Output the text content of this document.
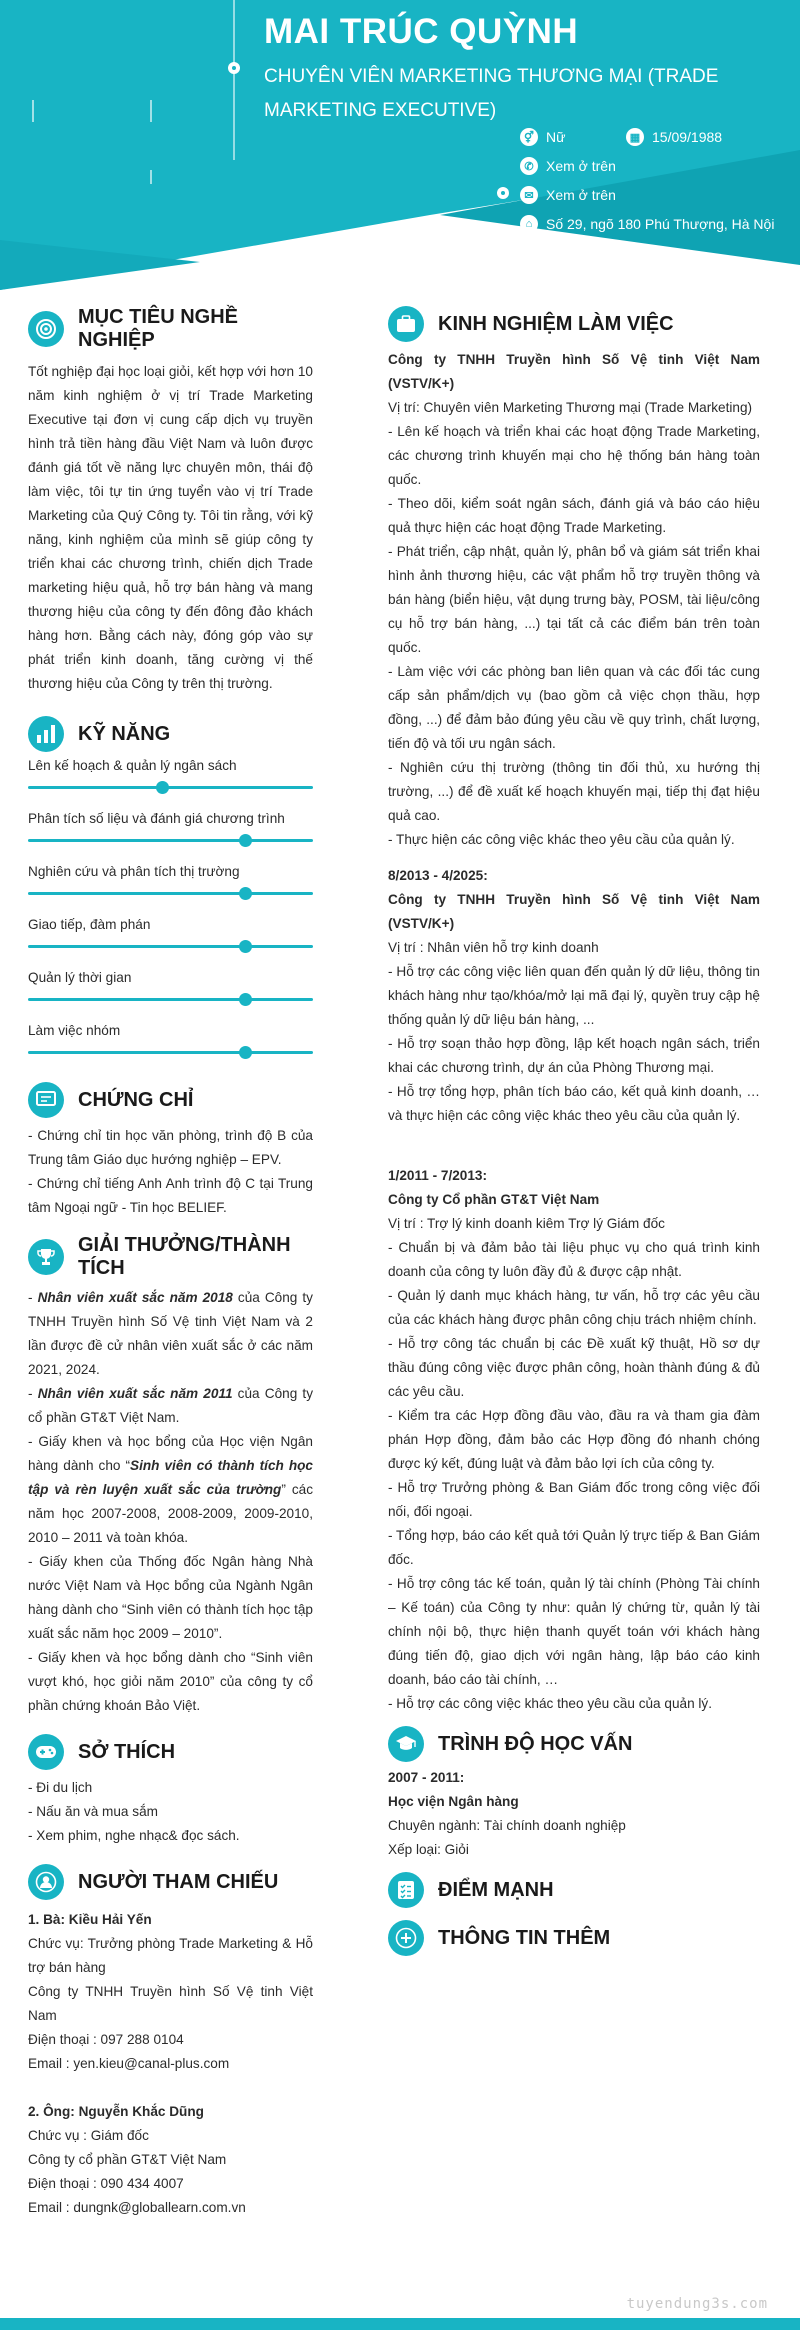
MAI TRÚC QUỲNH
CHUYÊN VIÊN MARKETING THƯƠNG MẠI (TRADE MARKETING EXECUTIVE)
⚥ Nữ	▦ 15/09/1988
✆ Xem ở trên
✉ Xem ở trên
⌂ Số 29, ngõ 180 Phú Thượng, Hà Nội
MỤC TIÊU NGHỀ NGHIỆP
Tốt nghiệp đại học loại giỏi, kết hợp với hơn 10 năm kinh nghiệm ở vị trí Trade Marketing Executive tại đơn vị cung cấp dịch vụ truyền hình trả tiền hàng đầu Việt Nam và luôn được đánh giá tốt về năng lực chuyên môn, thái độ làm việc, tôi tự tin ứng tuyển vào vị trí Trade Marketing của Quý Công ty. Tôi tin rằng, với kỹ năng, kinh nghiệm của mình sẽ giúp công ty triển khai các chương trình, chiến dịch Trade marketing hiệu quả, hỗ trợ bán hàng và mang thương hiệu của công ty đến đông đảo khách hàng hơn. Bằng cách này, đóng góp vào sự phát triển kinh doanh, tăng cường vị thế thương hiệu của Công ty trên thị trường.
KỸ NĂNG
Lên kế hoạch & quản lý ngân sách
Phân tích số liệu và đánh giá chương trình
Nghiên cứu và phân tích thị trường
Giao tiếp, đàm phán
Quản lý thời gian
Làm việc nhóm
CHỨNG CHỈ
- Chứng chỉ tin học văn phòng, trình độ B của Trung tâm Giáo dục hướng nghiệp – EPV.
- Chứng chỉ tiếng Anh Anh trình độ C tại Trung tâm Ngoại ngữ - Tin học BELIEF.
GIẢI THƯỞNG/THÀNH TÍCH
- Nhân viên xuất sắc năm 2018 của Công ty TNHH Truyền hình Số Vệ tinh Việt Nam và 2 lần được đề cử nhân viên xuất sắc ở các năm 2021, 2024.
- Nhân viên xuất sắc năm 2011 của Công ty cổ phần GT&T Việt Nam.
- Giấy khen và học bổng của Học viện Ngân hàng dành cho “Sinh viên có thành tích học tập và rèn luyện xuất sắc của trường” các năm học 2007-2008, 2008-2009, 2009-2010, 2010 – 2011 và toàn khóa.
- Giấy khen của Thống đốc Ngân hàng Nhà nước Việt Nam và Học bổng của Ngành Ngân hàng dành cho “Sinh viên có thành tích học tập xuất sắc năm học 2009 – 2010”.
- Giấy khen và học bổng dành cho “Sinh viên vượt khó, học giỏi năm 2010” của công ty cổ phần chứng khoán Bảo Việt.
SỞ THÍCH
- Đi du lịch
- Nấu ăn và mua sắm
- Xem phim, nghe nhạc& đọc sách.
NGƯỜI THAM CHIẾU
1. Bà: Kiều Hải Yến
Chức vụ: Trưởng phòng Trade Marketing & Hỗ trợ bán hàng
Công ty TNHH Truyền hình Số Vệ tinh Việt Nam
Điện thoại : 097 288 0104
Email : yen.kieu@canal-plus.com
2. Ông: Nguyễn Khắc Dũng
Chức vụ : Giám đốc
Công ty cổ phần GT&T Việt Nam
Điện thoại : 090 434 4007
Email : dungnk@globallearn.com.vn
KINH NGHIỆM LÀM VIỆC
Công ty TNHH Truyền hình Số Vệ tinh Việt Nam (VSTV/K+)
Vị trí: Chuyên viên Marketing Thương mại (Trade Marketing)
- Lên kế hoạch và triển khai các hoạt động Trade Marketing, các chương trình khuyến mại cho hệ thống bán hàng toàn quốc.
- Theo dõi, kiểm soát ngân sách, đánh giá và báo cáo hiệu quả thực hiện các hoạt động Trade Marketing.
- Phát triển, cập nhật, quản lý, phân bổ và giám sát triển khai hình ảnh thương hiệu, các vật phẩm hỗ trợ truyền thông và bán hàng (biển hiệu, vật dụng trưng bày, POSM, tài liệu/công cụ hỗ trợ bán hàng, ...) tại tất cả các điểm bán trên toàn quốc.
- Làm việc với các phòng ban liên quan và các đối tác cung cấp sản phẩm/dịch vụ (bao gồm cả việc chọn thầu, hợp đồng, ...) để đảm bảo đúng yêu cầu về quy trình, chất lượng, tiến độ và tối ưu ngân sách.
- Nghiên cứu thị trường (thông tin đối thủ, xu hướng thị trường, ...) để đề xuất kế hoạch khuyến mại, tiếp thị đạt hiệu quả cao.
- Thực hiện các công việc khác theo yêu cầu của quản lý.
8/2013 - 4/2025:
Công ty TNHH Truyền hình Số Vệ tinh Việt Nam (VSTV/K+)
Vị trí : Nhân viên hỗ trợ kinh doanh
- Hỗ trợ các công việc liên quan đến quản lý dữ liệu, thông tin khách hàng như tạo/khóa/mở lại mã đại lý, quyền truy cập hệ thống quản lý dữ liệu bán hàng, ...
- Hỗ trợ soạn thảo hợp đồng, lập kết hoạch ngân sách, triển khai các chương trình, dự án của Phòng Thương mại.
- Hỗ trợ tổng hợp, phân tích báo cáo, kết quả kinh doanh, … và thực hiện các công việc khác theo yêu cầu của quản lý.
1/2011 - 7/2013:
Công ty Cổ phần GT&T Việt Nam
Vị trí : Trợ lý kinh doanh kiêm Trợ lý Giám đốc
- Chuẩn bị và đảm bảo tài liệu phục vụ cho quá trình kinh doanh của công ty luôn đầy đủ & được cập nhật.
- Quản lý danh mục khách hàng, tư vấn, hỗ trợ các yêu cầu của các khách hàng được phân công chịu trách nhiệm chính.
- Hỗ trợ công tác chuẩn bị các Đề xuất kỹ thuật, Hồ sơ dự thầu đúng công việc được phân công, hoàn thành đúng & đủ các yêu cầu.
- Kiểm tra các Hợp đồng đầu vào, đầu ra và tham gia đàm phán Hợp đồng, đảm bảo các Hợp đồng đó nhanh chóng được ký kết, đúng luật và đảm bảo lợi ích của công ty.
- Hỗ trợ Trưởng phòng & Ban Giám đốc trong công việc đối nối, đối ngoại.
- Tổng hợp, báo cáo kết quả tới Quản lý trực tiếp & Ban Giám đốc.
- Hỗ trợ công tác kế toán, quản lý tài chính (Phòng Tài chính – Kế toán) của Công ty như: quản lý chứng từ, quản lý tài chính nội bộ, thực hiện thanh quyết toán với khách hàng đúng tiến độ, giao dịch với ngân hàng, lập báo cáo kinh doanh, báo cáo tài chính, …
- Hỗ trợ các công việc khác theo yêu cầu của quản lý.
TRÌNH ĐỘ HỌC VẤN
2007 - 2011:
Học viện Ngân hàng
Chuyên ngành: Tài chính doanh nghiệp
Xếp loại: Giỏi
ĐIỂM MẠNH
THÔNG TIN THÊM
tuyendung3s.com
